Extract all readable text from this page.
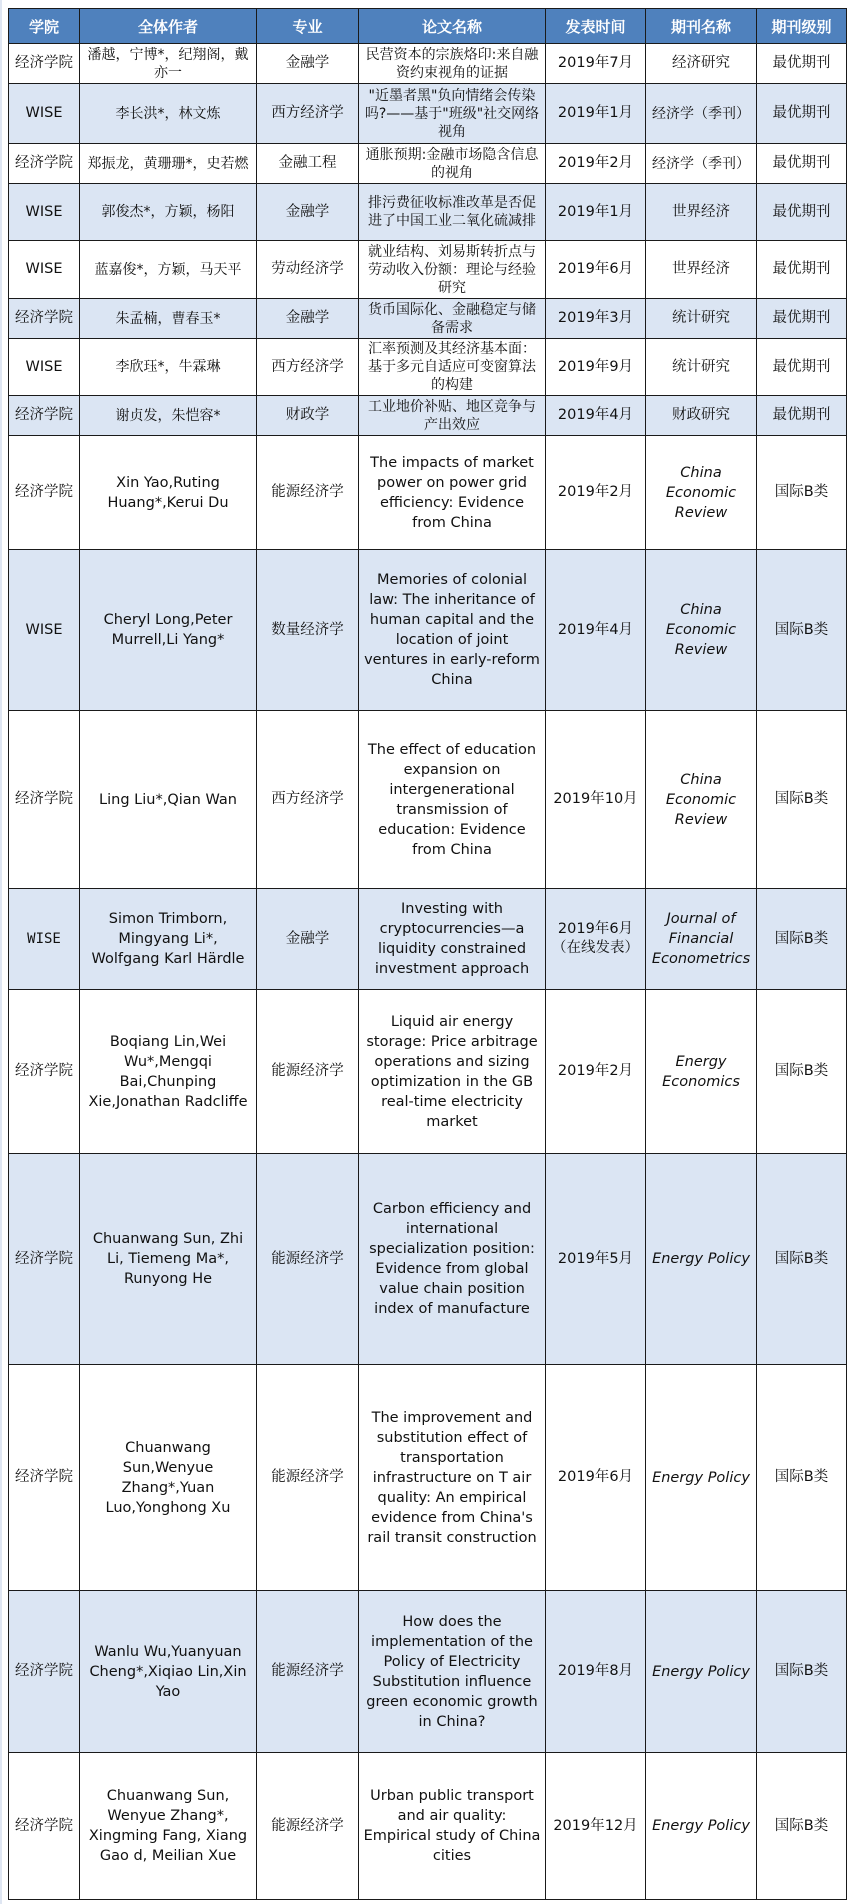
学院	全体作者	专业	论文名称	发表时间	期刊名称	期刊级别
经济学院	潘越，宁博*，纪翔阁，戴亦一	金融学	民营资本的宗族烙印:来自融资约束视角的证据	2019年7月	经济研究	最优期刊
WISE	李长洪*，林文炼	西方经济学	"近墨者黑"负向情绪会传染吗?——基于"班级"社交网络视角	2019年1月	经济学（季刊）	最优期刊
经济学院	郑振龙，黄珊珊*，史若燃	金融工程	通胀预期:金融市场隐含信息的视角	2019年2月	经济学（季刊）	最优期刊
WISE	郭俊杰*，方颖，杨阳	金融学	排污费征收标准改革是否促进了中国工业二氧化硫减排	2019年1月	世界经济	最优期刊
WISE	蓝嘉俊*，方颖，马天平	劳动经济学	就业结构、刘易斯转折点与劳动收入份额：理论与经验研究	2019年6月	世界经济	最优期刊
经济学院	朱孟楠，曹春玉*	金融学	货币国际化、金融稳定与储备需求	2019年3月	统计研究	最优期刊
WISE	李欣珏*，牛霖琳	西方经济学	汇率预测及其经济基本面：基于多元自适应可变窗算法的构建	2019年9月	统计研究	最优期刊
经济学院	谢贞发，朱恺容*	财政学	工业地价补贴、地区竞争与产出效应	2019年4月	财政研究	最优期刊
经济学院	Xin Yao,Ruting Huang*,Kerui Du	能源经济学	The impacts of market power on power grid efficiency: Evidence from China	2019年2月	China Economic Review	国际B类
WISE	Cheryl Long,Peter Murrell,Li Yang*	数量经济学	Memories of colonial law: The inheritance of human capital and the location of joint ventures in early-reform China	2019年4月	China Economic Review	国际B类
经济学院	Ling Liu*,Qian Wan	西方经济学	The effect of education expansion on intergenerational transmission of education: Evidence from China	2019年10月	China Economic Review	国际B类
WISE	Simon Trimborn, Mingyang Li*, Wolfgang Karl Härdle	金融学	Investing with cryptocurrencies—a liquidity constrained investment approach	2019年6月（在线发表）	Journal of Financial Econometrics	国际B类
经济学院	Boqiang Lin,Wei Wu*,Mengqi Bai,Chunping Xie,Jonathan Radcliffe	能源经济学	Liquid air energy storage: Price arbitrage operations and sizing optimization in the GB real-time electricity market	2019年2月	Energy Economics	国际B类
经济学院	Chuanwang Sun, Zhi Li, Tiemeng Ma*, Runyong He	能源经济学	Carbon efficiency and international specialization position: Evidence from global value chain position index of manufacture	2019年5月	Energy Policy	国际B类
经济学院	Chuanwang Sun,Wenyue Zhang*,Yuan Luo,Yonghong Xu	能源经济学	The improvement and substitution effect of transportation infrastructure on T air quality: An empirical evidence from China's rail transit construction	2019年6月	Energy Policy	国际B类
经济学院	Wanlu Wu,Yuanyuan Cheng*,Xiqiao Lin,Xin Yao	能源经济学	How does the implementation of the Policy of Electricity Substitution influence green economic growth in China?	2019年8月	Energy Policy	国际B类
经济学院	Chuanwang Sun, Wenyue Zhang*, Xingming Fang, Xiang Gao d, Meilian Xue	能源经济学	Urban public transport and air quality: Empirical study of China cities	2019年12月	Energy Policy	国际B类
